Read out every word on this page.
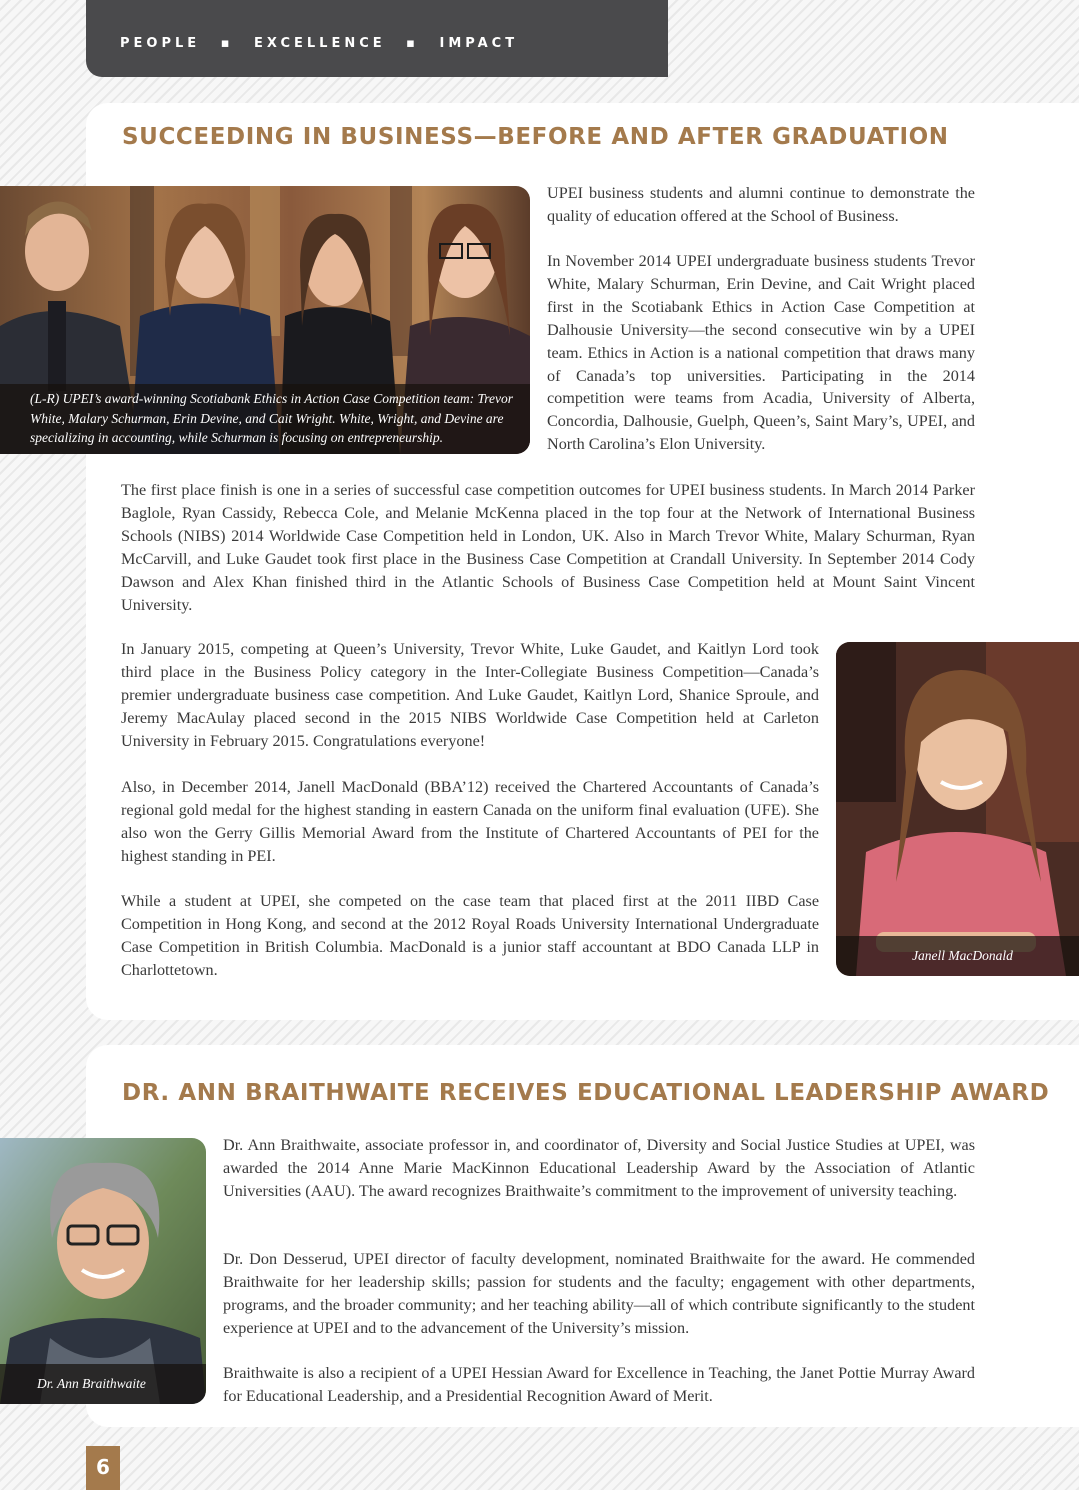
PEOPLE ▪ EXCELLENCE ▪ IMPACT
SUCCEEDING IN BUSINESS—BEFORE AND AFTER GRADUATION
(L-R) UPEI’s award-winning Scotiabank Ethics in Action Case Competition team: Trevor White, Malary Schurman, Erin Devine, and Cait Wright. White, Wright, and Devine are specializing in accounting, while Schurman is focusing on entrepreneurship.

UPEI business students and alumni continue to demonstrate the quality of education offered at the School of Business.

In November 2014 UPEI undergraduate business students Trevor White, Malary Schurman, Erin Devine, and Cait Wright placed first in the Scotiabank Ethics in Action Case Competition at Dalhousie University—the second consecutive win by a UPEI team. Ethics in Action is a national competition that draws many of Canada’s top universities. Participating in the 2014 competition were teams from Acadia, University of Alberta, Concordia, Dalhousie, Guelph, Queen’s, Saint Mary’s, UPEI, and North Carolina’s Elon University.

The first place finish is one in a series of successful case competition outcomes for UPEI business students. In March 2014 Parker Baglole, Ryan Cassidy, Rebecca Cole, and Melanie McKenna placed in the top four at the Network of International Business Schools (NIBS) 2014 Worldwide Case Competition held in London, UK. Also in March Trevor White, Malary Schurman, Ryan McCarvill, and Luke Gaudet took first place in the Business Case Competition at Crandall University. In September 2014 Cody Dawson and Alex Khan finished third in the Atlantic Schools of Business Case Competition held at Mount Saint Vincent University.

In January 2015, competing at Queen’s University, Trevor White, Luke Gaudet, and Kaitlyn Lord took third place in the Business Policy category in the Inter-Collegiate Business Competition—Canada’s premier undergraduate business case competition. And Luke Gaudet, Kaitlyn Lord, Shanice Sproule, and Jeremy MacAulay placed second in the 2015 NIBS Worldwide Case Competition held at Carleton University in February 2015. Congratulations everyone!

Also, in December 2014, Janell MacDonald (BBA’12) received the Chartered Accountants of Canada’s regional gold medal for the highest standing in eastern Canada on the uniform final evaluation (UFE). She also won the Gerry Gillis Memorial Award from the Institute of Chartered Accountants of PEI for the highest standing in PEI.

While a student at UPEI, she competed on the case team that placed first at the 2011 IIBD Case Competition in Hong Kong, and second at the 2012 Royal Roads University International Undergraduate Case Competition in British Columbia. MacDonald is a junior staff accountant at BDO Canada LLP in Charlottetown.

Janell MacDonald
DR. ANN BRAITHWAITE RECEIVES EDUCATIONAL LEADERSHIP AWARD
Dr. Ann Braithwaite

Dr. Ann Braithwaite, associate professor in, and coordinator of, Diversity and Social Justice Studies at UPEI, was awarded the 2014 Anne Marie MacKinnon Educational Leadership Award by the Association of Atlantic Universities (AAU). The award recognizes Braithwaite’s commitment to the improvement of university teaching.

Dr. Don Desserud, UPEI director of faculty development, nominated Braithwaite for the award. He commended Braithwaite for her leadership skills; passion for students and the faculty; engagement with other departments, programs, and the broader community; and her teaching ability—all of which contribute significantly to the student experience at UPEI and to the advancement of the University’s mission.

Braithwaite is also a recipient of a UPEI Hessian Award for Excellence in Teaching, the Janet Pottie Murray Award for Educational Leadership, and a Presidential Recognition Award of Merit.

6
